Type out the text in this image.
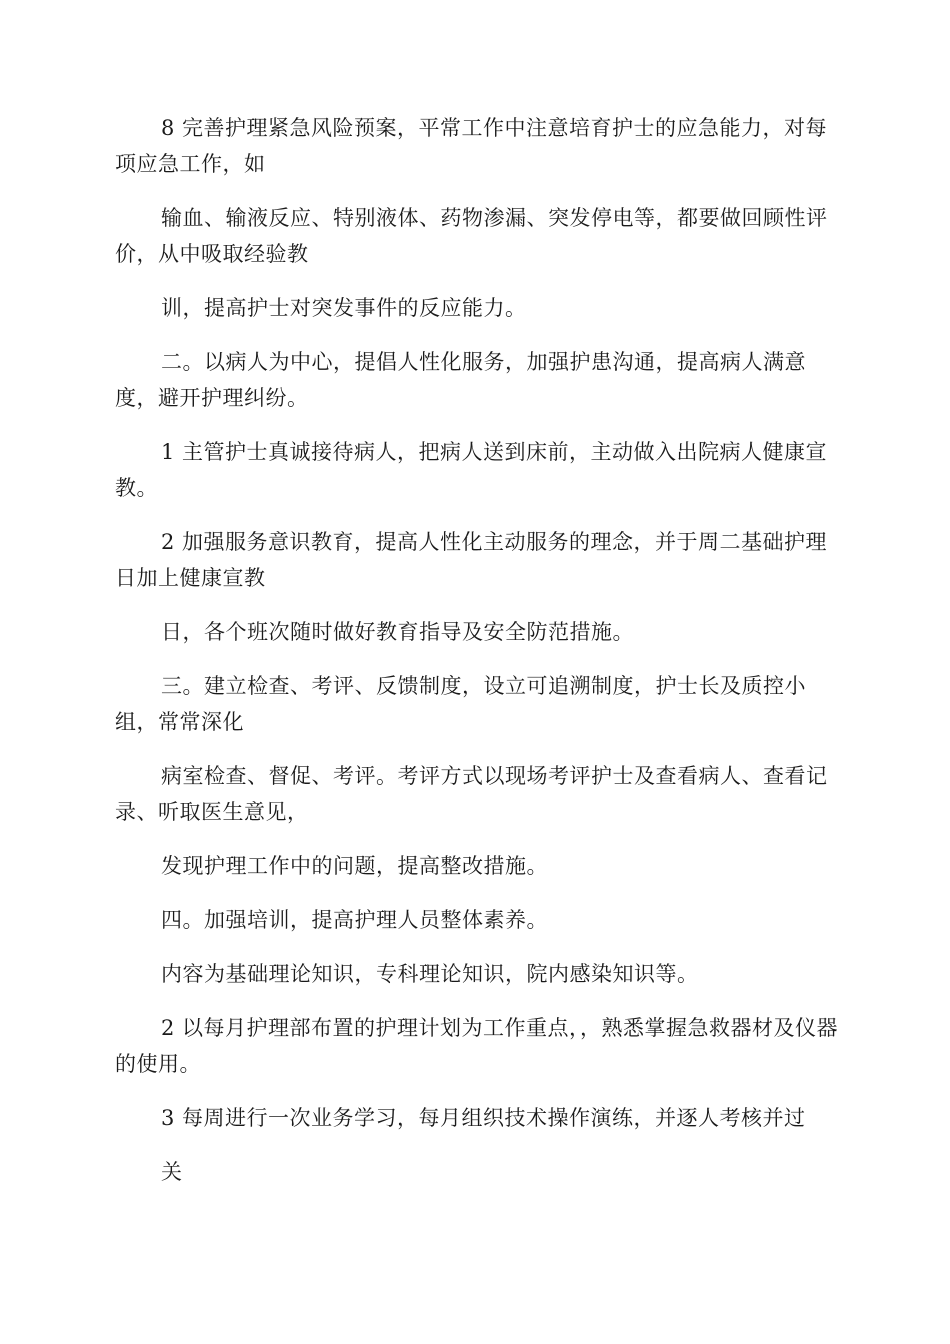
8 完善护理紧急风险预案，平常工作中注意培育护士的应急能力，对每项应急工作，如

输血、输液反应、特别液体、药物渗漏、突发停电等，都要做回顾性评价，从中吸取经验教

训，提高护士对突发事件的反应能力。

二。以病人为中心，提倡人性化服务，加强护患沟通，提高病人满意度，避开护理纠纷。

1 主管护士真诚接待病人，把病人送到床前，主动做入出院病人健康宣教。

2 加强服务意识教育，提高人性化主动服务的理念，并于周二基础护理日加上健康宣教

日，各个班次随时做好教育指导及安全防范措施。

三。建立检查、考评、反馈制度，设立可追溯制度，护士长及质控小组，常常深化

病室检查、督促、考评。考评方式以现场考评护士及查看病人、查看记录、听取医生意见，

发现护理工作中的问题，提高整改措施。

四。加强培训，提高护理人员整体素养。

内容为基础理论知识，专科理论知识，院内感染知识等。

2 以每月护理部布置的护理计划为工作重点，，熟悉掌握急救器材及仪器的使用。

3 每周进行一次业务学习，每月组织技术操作演练，并逐人考核并过

关
